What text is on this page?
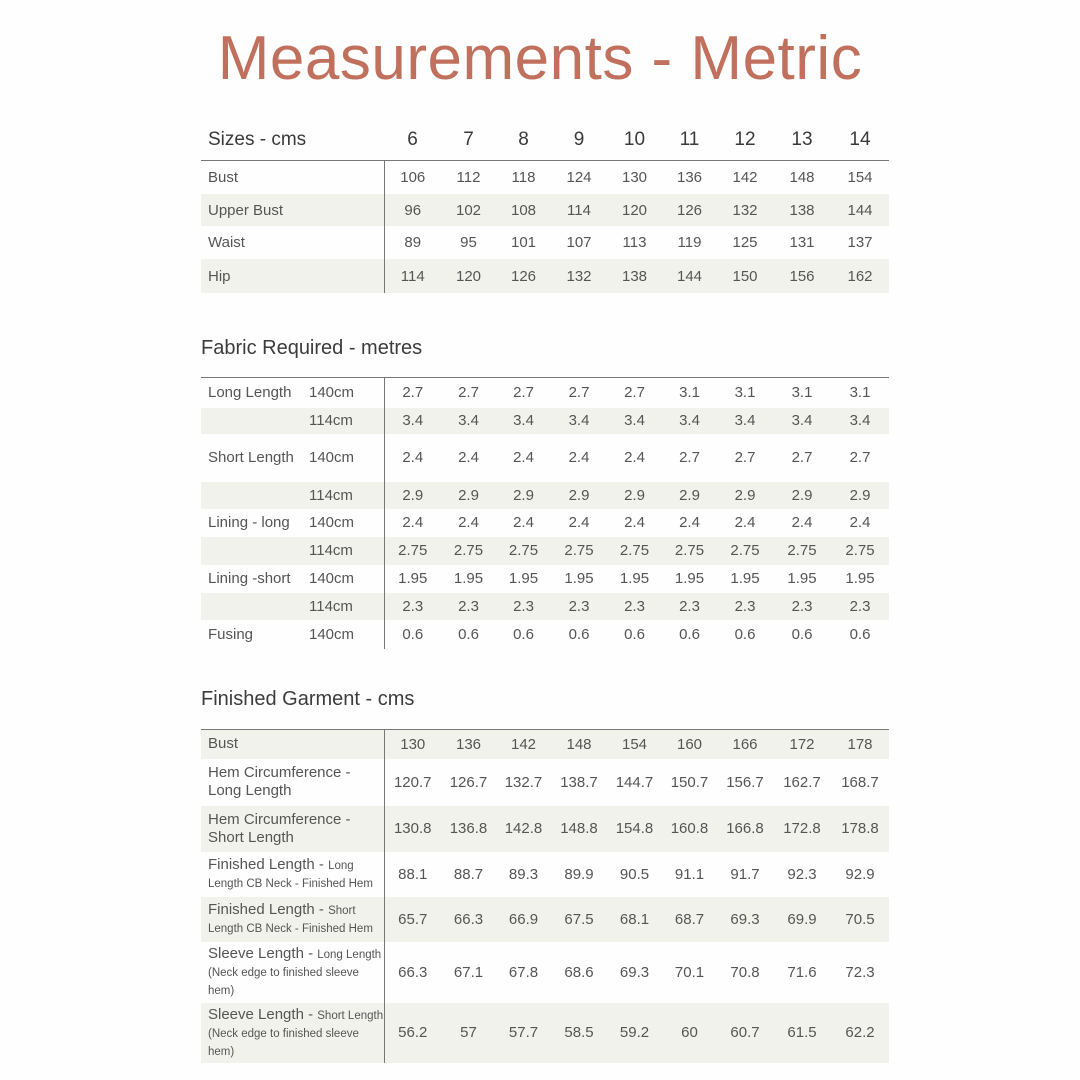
Measurements - Metric
Sizes - cms	6	7	8	9	10	11	12	13	14
Bust	106	112	118	124	130	136	142	148	154
Upper Bust	96	102	108	114	120	126	132	138	144
Waist	89	95	101	107	113	119	125	131	137
Hip	114	120	126	132	138	144	150	156	162
Fabric Required - metres
Long Length	140cm	2.7	2.7	2.7	2.7	2.7	3.1	3.1	3.1	3.1
	114cm	3.4	3.4	3.4	3.4	3.4	3.4	3.4	3.4	3.4
Short Length	140cm	2.4	2.4	2.4	2.4	2.4	2.7	2.7	2.7	2.7
	114cm	2.9	2.9	2.9	2.9	2.9	2.9	2.9	2.9	2.9
Lining - long	140cm	2.4	2.4	2.4	2.4	2.4	2.4	2.4	2.4	2.4
	114cm	2.75	2.75	2.75	2.75	2.75	2.75	2.75	2.75	2.75
Lining -short	140cm	1.95	1.95	1.95	1.95	1.95	1.95	1.95	1.95	1.95
	114cm	2.3	2.3	2.3	2.3	2.3	2.3	2.3	2.3	2.3
Fusing	140cm	0.6	0.6	0.6	0.6	0.6	0.6	0.6	0.6	0.6
Finished Garment - cms
Bust	130	136	142	148	154	160	166	172	178
Hem Circumference - Long Length	120.7	126.7	132.7	138.7	144.7	150.7	156.7	162.7	168.7
Hem Circumference - Short Length	130.8	136.8	142.8	148.8	154.8	160.8	166.8	172.8	178.8
Finished Length - Long Length CB Neck - Finished Hem	88.1	88.7	89.3	89.9	90.5	91.1	91.7	92.3	92.9
Finished Length - Short Length CB Neck - Finished Hem	65.7	66.3	66.9	67.5	68.1	68.7	69.3	69.9	70.5
Sleeve Length - Long Length (Neck edge to finished sleeve hem)	66.3	67.1	67.8	68.6	69.3	70.1	70.8	71.6	72.3
Sleeve Length - Short Length (Neck edge to finished sleeve hem)	56.2	57	57.7	58.5	59.2	60	60.7	61.5	62.2
